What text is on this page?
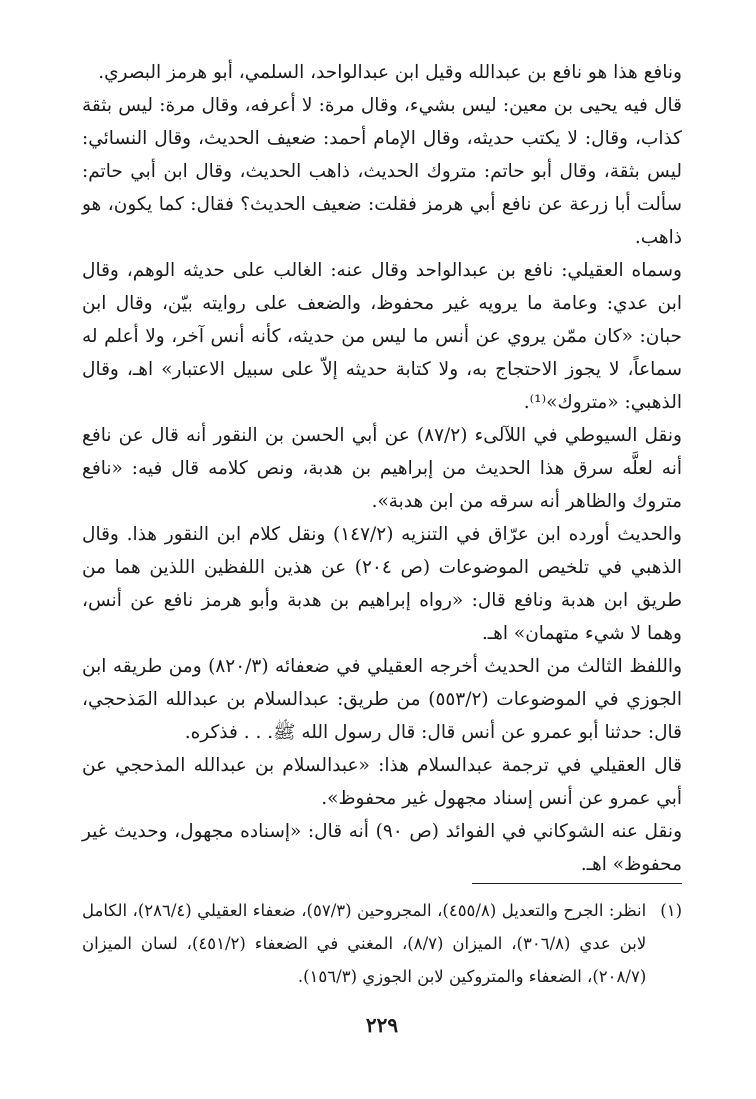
ونافع هذا هو نافع بن عبدالله وقيل ابن عبدالواحد، السلمي، أبو هرمز البصري.

قال فيه يحيى بن معين: ليس بشيء، وقال مرة: لا أعرفه، وقال مرة: ليس بثقة كذاب، وقال: لا يكتب حديثه، وقال الإمام أحمد: ضعيف الحديث، وقال النسائي: ليس بثقة، وقال أبو حاتم: متروك الحديث، ذاهب الحديث، وقال ابن أبي حاتم: سألت أبا زرعة عن نافع أبي هرمز فقلت: ضعيف الحديث؟ فقال: كما يكون، هو ذاهب.

وسماه العقيلي: نافع بن عبدالواحد وقال عنه: الغالب على حديثه الوهم، وقال ابن عدي: وعامة ما يرويه غير محفوظ، والضعف على روايته بيّن، وقال ابن حبان: «كان ممّن يروي عن أنس ما ليس من حديثه، كأنه أنس آخر، ولا أعلم له سماعاً، لا يجوز الاحتجاج به، ولا كتابة حديثه إلاّ على سبيل الاعتبار» اهـ، وقال الذهبي: «متروك»⁽¹⁾.

ونقل السيوطي في اللآلىء (٨٧/٢) عن أبي الحسن بن النقور أنه قال عن نافع أنه لعلَّه سرق هذا الحديث من إبراهيم بن هدبة، ونص كلامه قال فيه: «نافع متروك والظاهر أنه سرقه من ابن هدبة».

والحديث أورده ابن عرّاق في التنزيه (١٤٧/٢) ونقل كلام ابن النقور هذا. وقال الذهبي في تلخيص الموضوعات (ص ٢٠٤) عن هذين اللفظين اللذين هما من طريق ابن هدبة ونافع قال: «رواه إبراهيم بن هدبة وأبو هرمز نافع عن أنس، وهما لا شيء متهمان» اهـ.

واللفظ الثالث من الحديث أخرجه العقيلي في ضعفائه (٨٢٠/٣) ومن طريقه ابن الجوزي في الموضوعات (٥٥٣/٢) من طريق: عبدالسلام بن عبدالله المَذحجي، قال: حدثنا أبو عمرو عن أنس قال: قال رسول الله ﷺ. . . فذكره.

قال العقيلي في ترجمة عبدالسلام هذا: «عبدالسلام بن عبدالله المذحجي عن أبي عمرو عن أنس إسناد مجهول غير محفوظ».

ونقل عنه الشوكاني في الفوائد (ص ٩٠) أنه قال: «إسناده مجهول، وحديث غير محفوظ» اهـ.

(١)
انظر: الجرح والتعديل (٤٥٥/٨)، المجروحين (٥٧/٣)، ضعفاء العقيلي (٢٨٦/٤)، الكامل لابن عدي (٣٠٦/٨)، الميزان (٨/٧)، المغني في الضعفاء (٤٥١/٢)، لسان الميزان (٢٠٨/٧)، الضعفاء والمتروكين لابن الجوزي (١٥٦/٣).
٢٢٩
